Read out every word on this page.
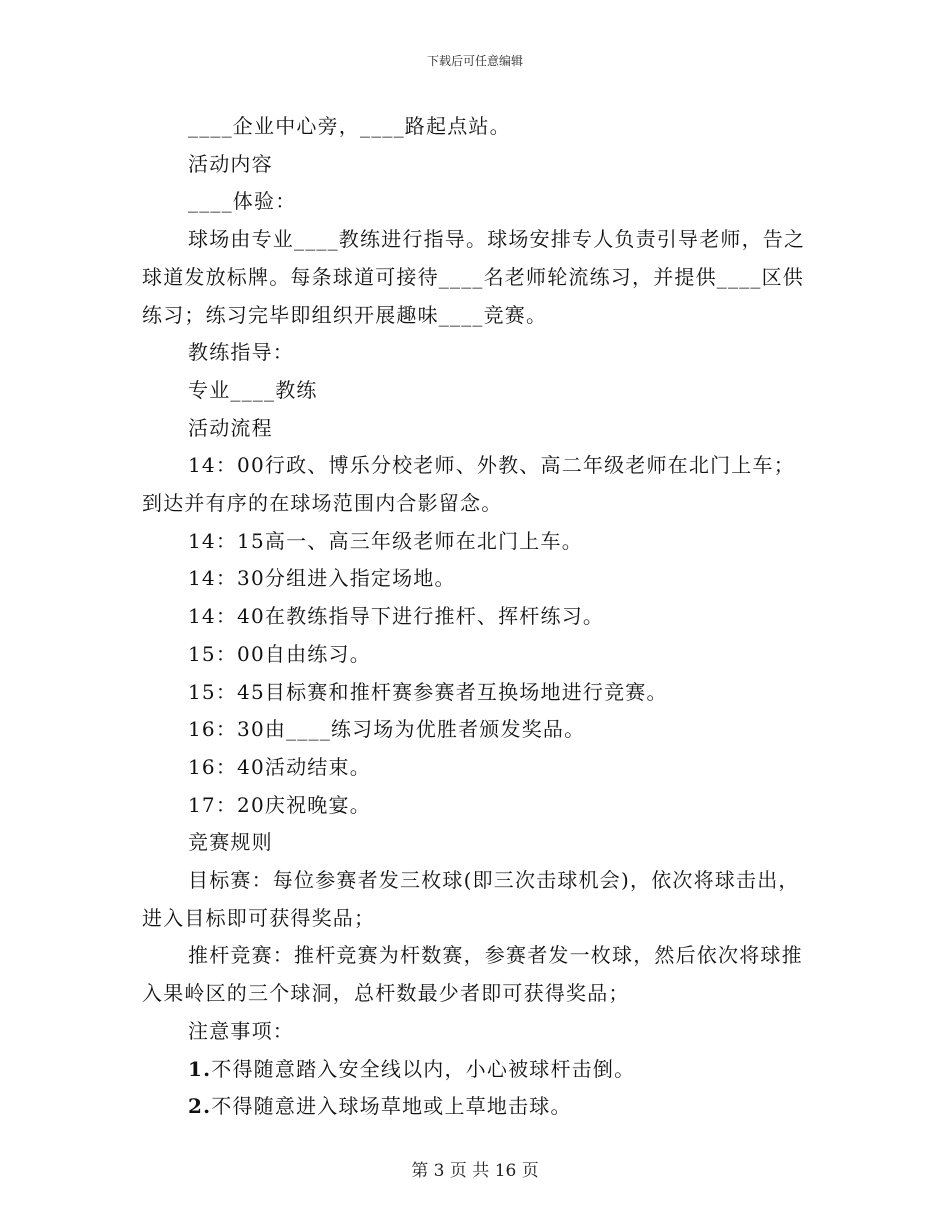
下载后可任意编辑

____企业中心旁，____路起点站。

活动内容

____体验：

球场由专业____教练进行指导。球场安排专人负责引导老师，告之球道发放标牌。每条球道可接待____名老师轮流练习，并提供____区供练习；练习完毕即组织开展趣味____竞赛。

教练指导：

专业____教练

活动流程

14：00行政、博乐分校老师、外教、高二年级老师在北门上车；到达并有序的在球场范围内合影留念。

14：15高一、高三年级老师在北门上车。

14：30分组进入指定场地。

14：40在教练指导下进行推杆、挥杆练习。

15：00自由练习。

15：45目标赛和推杆赛参赛者互换场地进行竞赛。

16：30由____练习场为优胜者颁发奖品。

16：40活动结束。

17：20庆祝晚宴。

竞赛规则

目标赛：每位参赛者发三枚球(即三次击球机会)，依次将球击出，进入目标即可获得奖品；

推杆竞赛：推杆竞赛为杆数赛，参赛者发一枚球，然后依次将球推入果岭区的三个球洞，总杆数最少者即可获得奖品；

注意事项：

1.不得随意踏入安全线以内，小心被球杆击倒。

2.不得随意进入球场草地或上草地击球。

第 3 页 共 16 页
